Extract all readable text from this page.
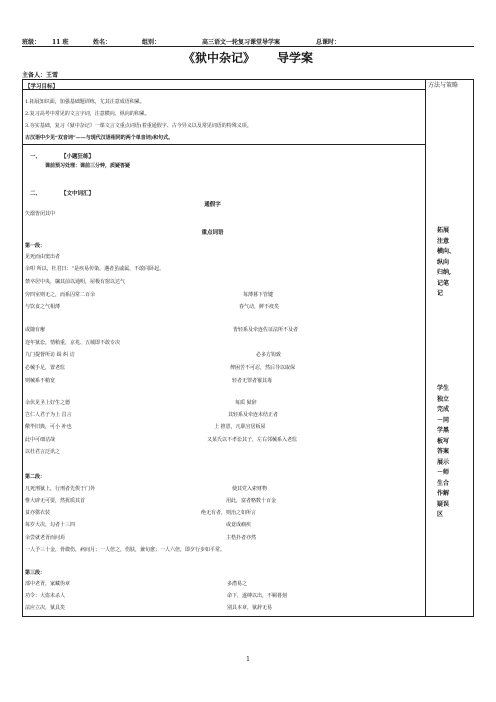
班级： 11 班	姓名：	组别：	高三语文一轮复习课堂导学案	总课时：
《狱中杂记》 导学案
主备人：王雪
方法与策略
拓展
注意
横向、
纵向
归纳,
记笔
记
学生
独立
完成
－同
学黑
板写
答案
展示
－师
生合
作解
疑误
区
【学习目标】
1.拓展知识面，加强基础题训练，尤其注意成语积累。
2.复习高考中常见的文言字词，注意横向、纵向的积累。
3.夯实基础，复习《狱中杂记》一课文言文重点词语(着重通假字、古今异义以及常见词语的特殊义项。
古汉语中少见“双音词”——与现代汉语相同的两个单音词)和句式。
一、	【小题狂练】
课前预习处理：课前三分钟，质疑答疑
二、	【文中词汇】
通假字
矢溺皆闭其中
重点词语
第一段：
见死而由窦出者
余叩 所以，杜君曰：“是疾易传染，遘者虽戚属，不敢同卧起。
禁卒居中央，牖其前以通明，屋极有窗以达气
旁四室则无之，而系囚常二百余	每薄暮下管键
与饮食之气相薄	春气动，鲜不疫矣
或随有瘳	皆轻系及牵连佐证法所不及者
迩年狱讼，情稍重，京兆、五城即不敢专决
九门提督所访 缉 纠 诘	必多方钩致
必械手足，置老监	俾困苦不可忍，然后导以取保
则械系不稍宽	轻者无罪者罹其毒
余伏见圣上好生之德	每质 狱辞
岂仁人君子为上 昌言	其轻系及牵连未结正者
儆毕旧典，可小 补也	上 推恩，凡职官居板屋
此中可细诘哉	又某氏以不孝讼其子，左右邻械系入老监
以杜君言泛讯之
第二段：
凡死刑狱上，行刑者先俟于门外	使其党入索财物
惟大辟无可要，然犹质其首	用此，富者赂数十百金
贫亦罄衣装	绝无有者，则治之如所言
每岁大决，勾者十三四	或竟成痼疾
余尝就老胥而问焉	主梏扑者亦然
一人予三十金，骨微伤，病间月；一人倍之，伤肤，兼旬愈；一人六倍，即夕行步如平常。
第三段：
部中老胥，家藏伪章	多潜易之
功令：大盗未杀人	命下，遂缚以出，不羁晷刻
法应立决，狱具矣	别具本章，狱辞无易
1
